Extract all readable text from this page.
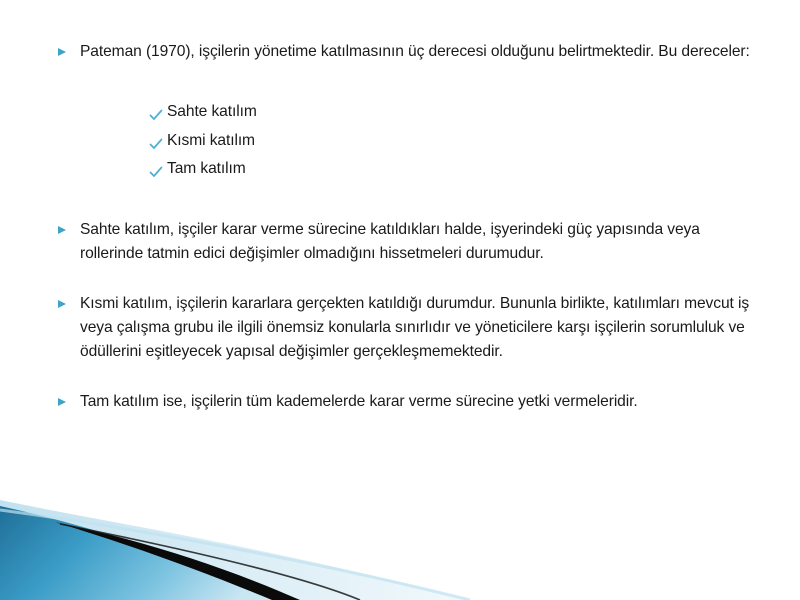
Pateman (1970), işçilerin yönetime katılmasının üç derecesi olduğunu belirtmektedir. Bu dereceler:

Sahte katılım
Kısmi katılım
Tam katılım

Sahte katılım, işçiler karar verme sürecine katıldıkları halde, işyerindeki güç yapısında veya rollerinde tatmin edici değişimler olmadığını hissetmeleri durumudur.

Kısmi katılım, işçilerin kararlara gerçekten katıldığı durumdur. Bununla birlikte, katılımları mevcut iş veya çalışma grubu ile ilgili önemsiz konularla sınırlıdır ve yöneticilere karşı işçilerin sorumluluk ve ödüllerini eşitleyecek yapısal değişimler gerçekleşmemektedir.

Tam katılım ise, işçilerin tüm kademelerde karar verme sürecine yetki vermeleridir.
